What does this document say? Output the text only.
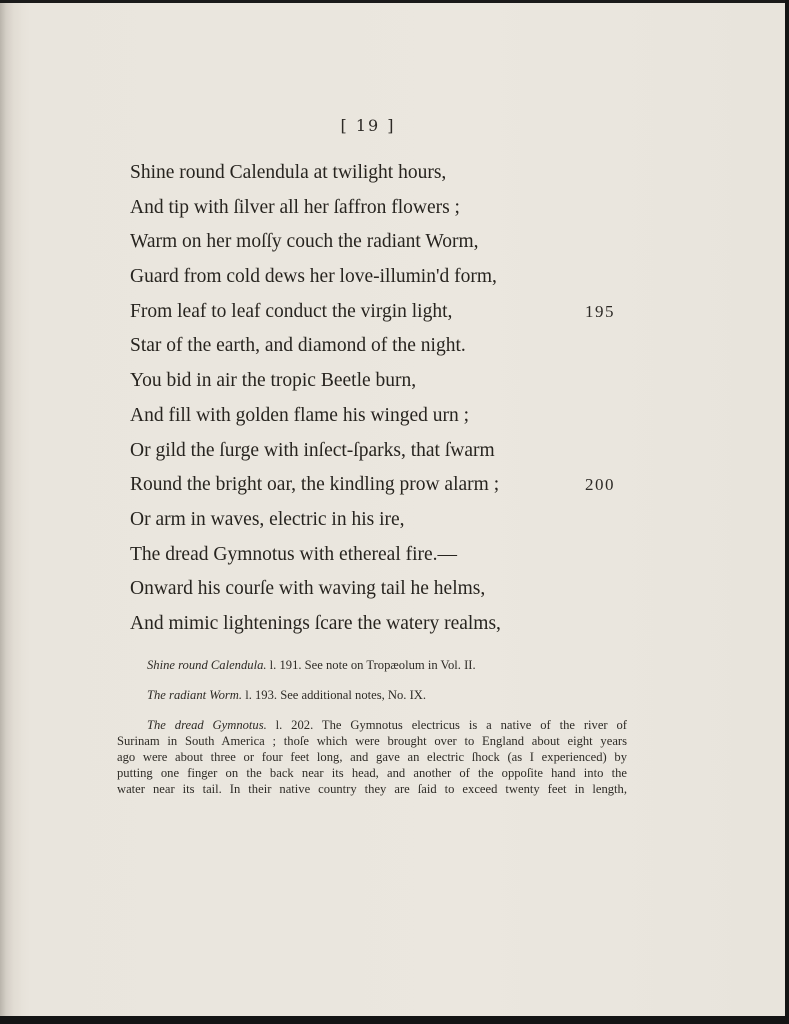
[ 19 ]
Shine round Calendula at twilight hours,
And tip with ſilver all her ſaffron flowers ;
Warm on her moſſy couch the radiant Worm,
Guard from cold dews her love-illumin'd form,
From leaf to leaf conduct the virgin light,	195
Star of the earth, and diamond of the night.
You bid in air the tropic Beetle burn,
And fill with golden flame his winged urn ;
Or gild the ſurge with inſect-ſparks, that ſwarm
Round the bright oar, the kindling prow alarm ;	200
Or arm in waves, electric in his ire,
The dread Gymnotus with ethereal fire.—
Onward his courſe with waving tail he helms,
And mimic lightenings ſcare the watery realms,
Shine round Calendula. l. 191. See note on Tropæolum in Vol. II.
The radiant Worm. l. 193. See additional notes, No. IX.
The dread Gymnotus. l. 202. The Gymnotus electricus is a native of the river of
Surinam in South America ; thoſe which were brought over to England about eight years
ago were about three or four feet long, and gave an electric ſhock (as I experienced) by
putting one finger on the back near its head, and another of the oppoſite hand into the
water near its tail. In their native country they are ſaid to exceed twenty feet in length,
